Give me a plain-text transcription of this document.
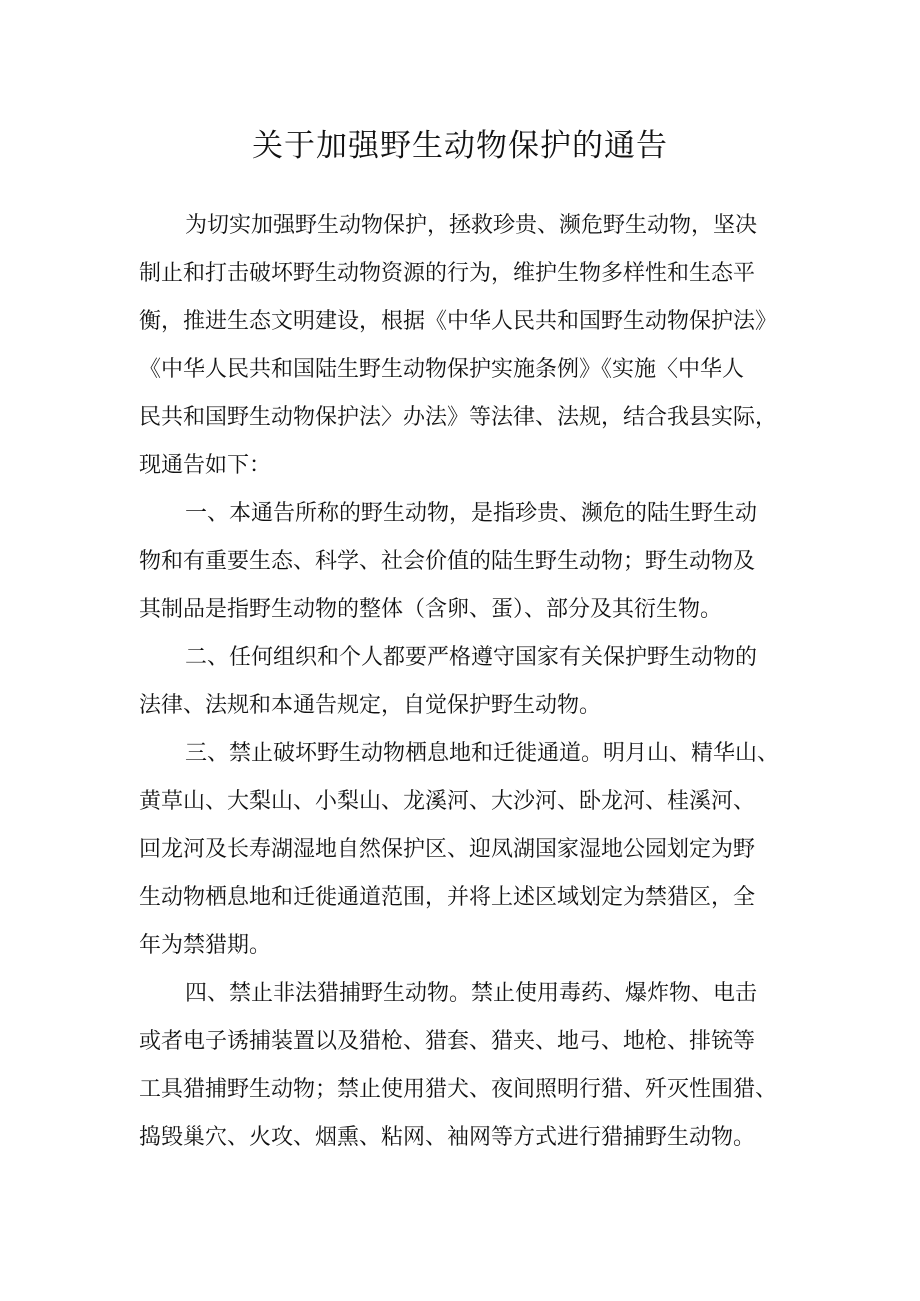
关于加强野生动物保护的通告

为切实加强野生动物保护，拯救珍贵、濒危野生动物，坚决
制止和打击破坏野生动物资源的行为，维护生物多样性和生态平
衡，推进生态文明建设，根据《中华人民共和国野生动物保护法》
《中华人民共和国陆生野生动物保护实施条例》《实施〈中华人
民共和国野生动物保护法〉办法》等法律、法规，结合我县实际，
现通告如下：

一、本通告所称的野生动物，是指珍贵、濒危的陆生野生动
物和有重要生态、科学、社会价值的陆生野生动物；野生动物及
其制品是指野生动物的整体（含卵、蛋）、部分及其衍生物。

二、任何组织和个人都要严格遵守国家有关保护野生动物的
法律、法规和本通告规定，自觉保护野生动物。

三、禁止破坏野生动物栖息地和迁徙通道。明月山、精华山、
黄草山、大梨山、小梨山、龙溪河、大沙河、卧龙河、桂溪河、
回龙河及长寿湖湿地自然保护区、迎凤湖国家湿地公园划定为野
生动物栖息地和迁徙通道范围，并将上述区域划定为禁猎区，全
年为禁猎期。

四、禁止非法猎捕野生动物。禁止使用毒药、爆炸物、电击
或者电子诱捕装置以及猎枪、猎套、猎夹、地弓、地枪、排铳等
工具猎捕野生动物；禁止使用猎犬、夜间照明行猎、歼灭性围猎、
捣毁巢穴、火攻、烟熏、粘网、袖网等方式进行猎捕野生动物。
